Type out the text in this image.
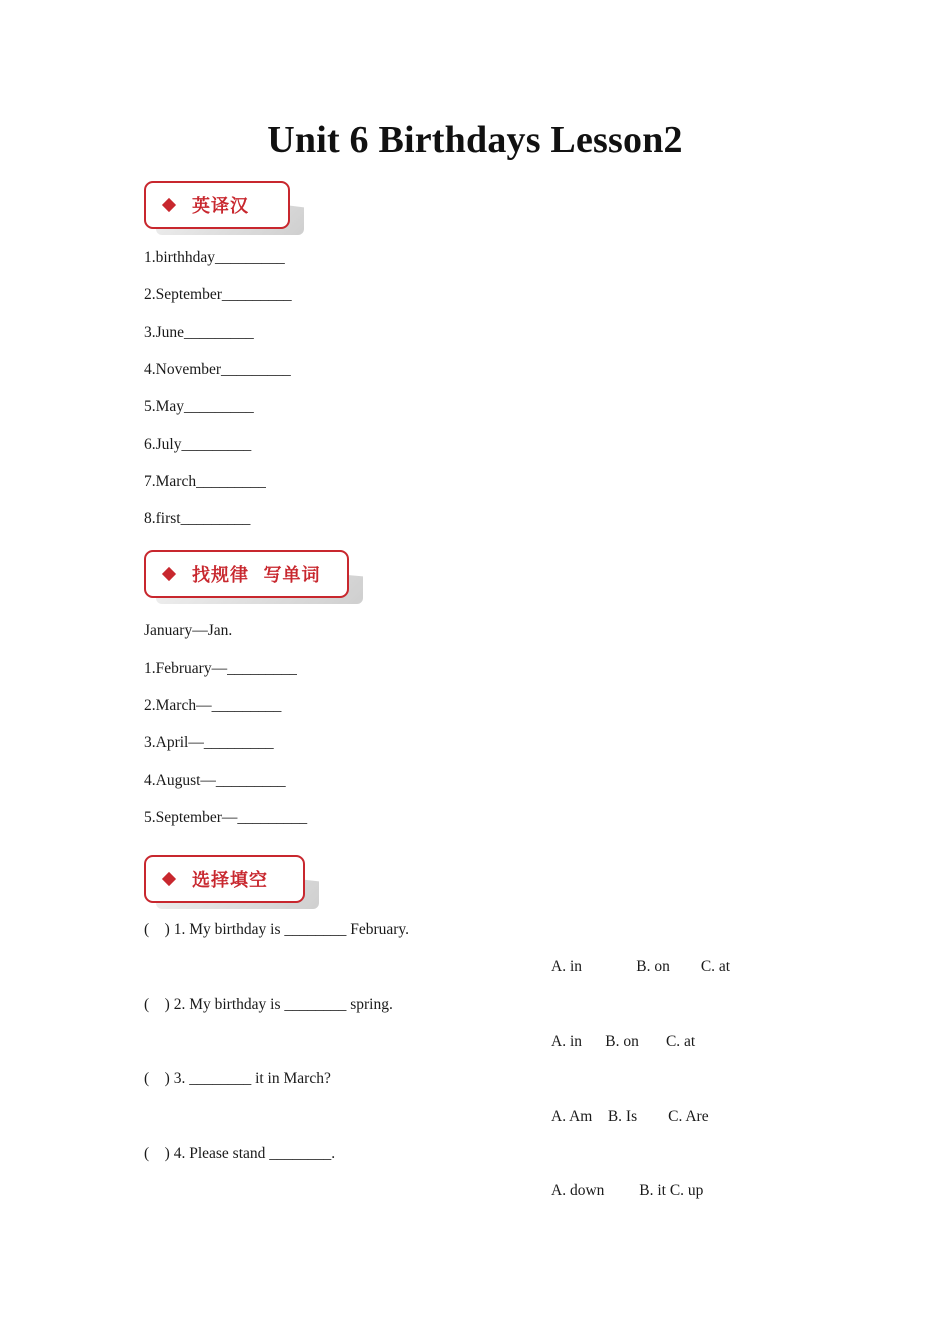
Unit 6 Birthdays Lesson2
英译汉
1.birthhday_________
2.September_________
3.June_________
4.November_________
5.May_________
6.July_________
7.March_________
8.first_________
找规律  写单词
January—Jan.
1.February—_________
2.March—_________
3.April—_________
4.August—_________
5.September—_________
选择填空
(    ) 1. My birthday is ________ February.
A. in              B. on        C. at
(    ) 2. My birthday is ________ spring.
A. in      B. on       C. at
(    ) 3. ________ it in March?
A. Am    B. Is        C. Are
(    ) 4. Please stand ________.
A. down         B. it C. up
